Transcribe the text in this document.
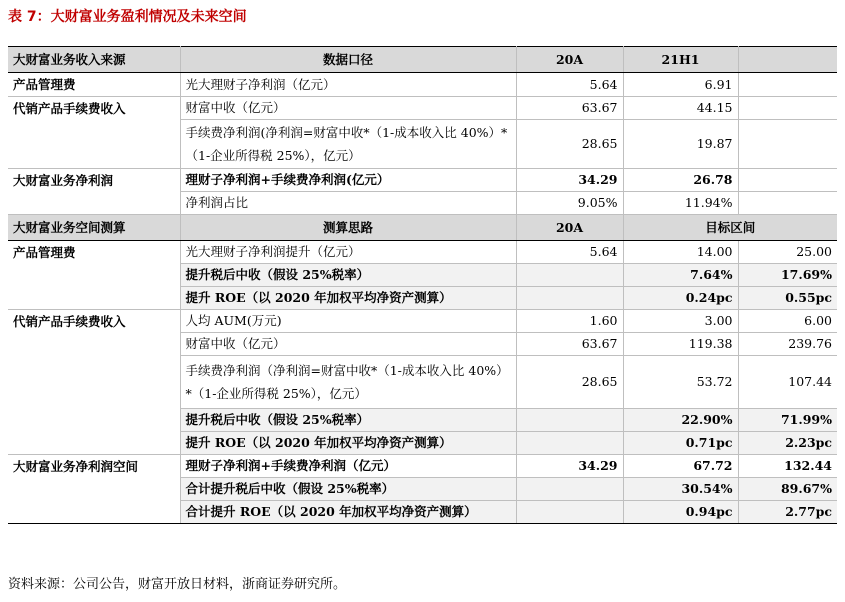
表 7：大财富业务盈利情况及未来空间
大财富业务收入来源	数据口径	20A	21H1	
产品管理费	光大理财子净利润（亿元）	5.64	6.91	
代销产品手续费收入	财富中收（亿元）	63.67	44.15	
	手续费净利润(净利润=财富中收*（1-成本收入比 40%）*（1-企业所得税 25%），亿元）	28.65	19.87	
大财富业务净利润	理财子净利润+手续费净利润(亿元）	34.29	26.78	
	净利润占比	9.05%	11.94%	
大财富业务空间测算	测算思路	20A	目标区间	
产品管理费	光大理财子净利润提升（亿元）	5.64	14.00	25.00
	提升税后中收（假设 25%税率）		7.64%	17.69%
	提升 ROE（以 2020 年加权平均净资产测算）		0.24pc	0.55pc
代销产品手续费收入	人均 AUM(万元)	1.60	3.00	6.00
	财富中收（亿元）	63.67	119.38	239.76
	手续费净利润（净利润=财富中收*（1-成本收入比 40%）*（1-企业所得税 25%），亿元）	28.65	53.72	107.44
	提升税后中收（假设 25%税率）		22.90%	71.99%
	提升 ROE（以 2020 年加权平均净资产测算）		0.71pc	2.23pc
大财富业务净利润空间	理财子净利润+手续费净利润（亿元）	34.29	67.72	132.44
	合计提升税后中收（假设 25%税率）		30.54%	89.67%
	合计提升 ROE（以 2020 年加权平均净资产测算）		0.94pc	2.77pc
资料来源：公司公告，财富开放日材料，浙商证券研究所。
